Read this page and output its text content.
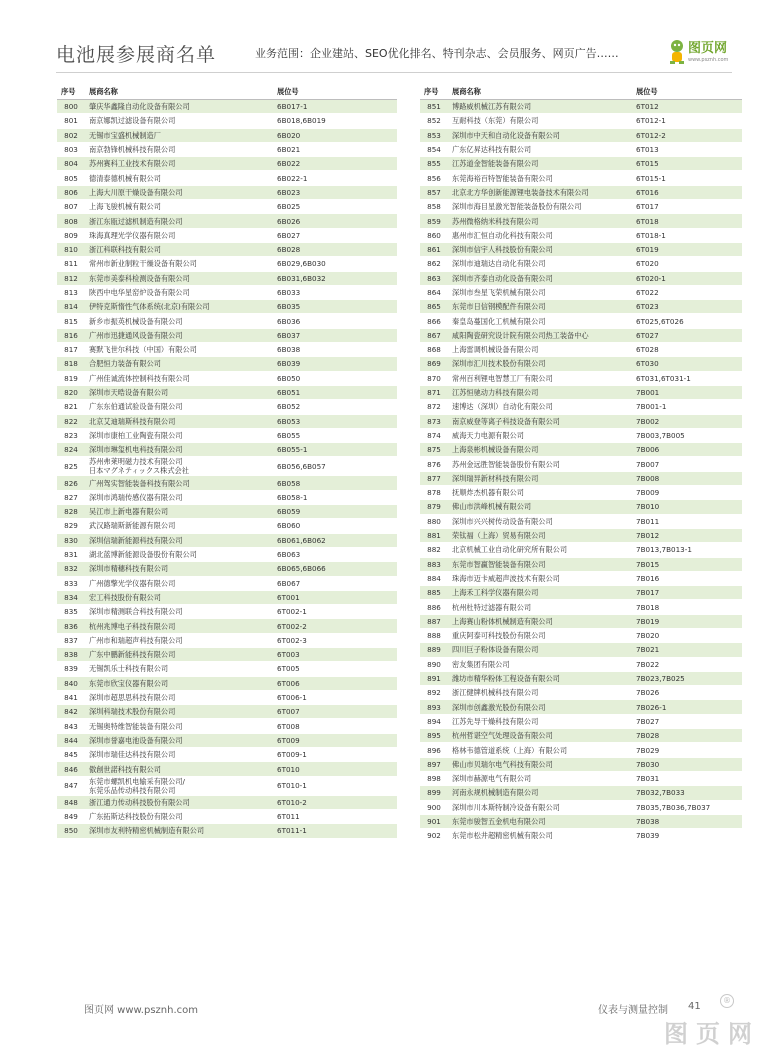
电池展参展商名单	业务范围：企业建站、SEO优化排名、特刊杂志、会员服务、网页广告……	图页网
www.psznh.com
序号	展商名称	展位号
800	肇庆华鑫隆自动化设备有限公司	6B017-1
801	南京娜凯过滤设备有限公司	6B018,6B019
802	无锡市宝盛机械制造厂	6B020
803	南京勃锋机械科技有限公司	6B021
804	苏州赛科工业技术有限公司	6B022
805	德清泰德机械有限公司	6B022-1
806	上海大川原干燥设备有限公司	6B023
807	上海飞骏机械有限公司	6B025
808	浙江东瓯过滤机制造有限公司	6B026
809	珠海真理光学仪器有限公司	6B027
810	浙江科联科技有限公司	6B028
811	常州市新业制粒干燥设备有限公司	6B029,6B030
812	东莞市美泰科检测设备有限公司	6B031,6B032
813	陕西中电华星窑炉设备有限公司	6B033
814	伊特克斯惰性气体系统(北京)有限公司	6B035
815	新乡市振英机械设备有限公司	6B036
816	广州市迅捷通风设备有限公司	6B037
817	赛默飞世尔科技（中国）有限公司	6B038
818	合肥恒力装备有限公司	6B039
819	广州佳诚流体控制科技有限公司	6B050
820	深圳市天晧设备有限公司	6B051
821	广东东伯通试验设备有限公司	6B052
822	北京艾迪瑞斯科技有限公司	6B053
823	深圳市康柏工业陶瓷有限公司	6B055
824	深圳市琳玺机电科技有限公司	6B055-1
825	苏州弗莱明磁力技术有限公司
日本マグネティックス株式会社	6B056,6B057
826	广州驾实智能装备科技有限公司	6B058
827	深圳市鸿瑞传感仪器有限公司	6B058-1
828	吴江市上新电器有限公司	6B059
829	武汉路瑞斯新能源有限公司	6B060
830	深圳信瑞新能源科技有限公司	6B061,6B062
831	湖北蓝博新能源设备股份有限公司	6B063
832	深圳市精穗科技有限公司	6B065,6B066
833	广州德擎光学仪器有限公司	6B067
834	宏工科技股份有限公司	6T001
835	深圳市精测联合科技有限公司	6T002-1
836	杭州兆博电子科技有限公司	6T002-2
837	广州市和瑞超声科技有限公司	6T002-3
838	广东中鹏新能科技有限公司	6T003
839	无锡凯乐士科技有限公司	6T005
840	东莞市欣宝仪器有限公司	6T006
841	深圳市超思思科技有限公司	6T006-1
842	深圳科瑞技术股份有限公司	6T007
843	无锡奥特维智能装备有限公司	6T008
844	深圳市誉嘉电池设备有限公司	6T009
845	深圳市瑞佳达科技有限公司	6T009-1
846	傲創世諾科技有限公司	6T010
847	东莞市螺凯机电输采有限公司/
东莞乐品传动科技有限公司	6T010-1
848	浙江通力传动科技股份有限公司	6T010-2
849	广东拓斯达科技股份有限公司	6T011
850	深圳市友利特精密机械制造有限公司	6T011-1
序号	展商名称	展位号
851	博路威机械江苏有限公司	6T012
852	互耐科技（东莞）有限公司	6T012-1
853	深圳市中天和自动化设备有限公司	6T012-2
854	广东亿昇达科技有限公司	6T013
855	江苏道金智能装备有限公司	6T015
856	东莞海裕百特智能装备有限公司	6T015-1
857	北京北方华创新能源锂电装备技术有限公司	6T016
858	深圳市海目星激光智能装备股份有限公司	6T017
859	苏州微格纳米科技有限公司	6T018
860	惠州市汇恒自动化科技有限公司	6T018-1
861	深圳市信宇人科技股份有限公司	6T019
862	深圳市迪瑞达自动化有限公司	6T020
863	深圳市齐泰自动化设备有限公司	6T020-1
864	深圳市叁星飞荣机械有限公司	6T022
865	东莞市日信钢模配件有限公司	6T023
866	秦皇岛蔓国化工机械有限公司	6T025,6T026
867	咸阳陶瓷研究设计院有限公司热工装备中心	6T027
868	上海雷调机械设备有限公司	6T028
869	深圳市汇川技术股份有限公司	6T030
870	常州百利锂电智慧工厂有限公司	6T031,6T031-1
871	江苏恒驰动力科技有限公司	7B001
872	速博达（深圳）自动化有限公司	7B001-1
873	南京威登等离子科技设备有限公司	7B002
874	威海天力电源有限公司	7B003,7B005
875	上海泉彬机械设备有限公司	7B006
876	苏州金远胜智能装备股份有限公司	7B007
877	深圳瑞异新材科技有限公司	7B008
878	抚顺炸杰机器有限公司	7B009
879	佛山市洪峰机械有限公司	7B010
880	深圳市兴兴树传动设备有限公司	7B011
881	荣钛福（上海）贸易有限公司	7B012
882	北京机械工业自动化研究所有限公司	7B013,7B013-1
883	东莞市智赢智能装备有限公司	7B015
884	珠海市迈卡威超声波技术有限公司	7B016
885	上海禾工科学仪器有限公司	7B017
886	杭州杜特过滤器有限公司	7B018
887	上海赛山粉体机械制造有限公司	7B019
888	重庆阿泰可科技股份有限公司	7B020
889	四川巨子粉体设备有限公司	7B021
890	密友集团有限公司	7B022
891	潍坊市精华粉体工程设备有限公司	7B023,7B025
892	浙江健牌机械科技有限公司	7B026
893	深圳市创鑫激光股份有限公司	7B026-1
894	江苏先导干燥科技有限公司	7B027
895	杭州哲谌空气处理设备有限公司	7B028
896	格林韦德管道系统（上海）有限公司	7B029
897	佛山市贝瑞尔电气科技有限公司	7B030
898	深圳市赫源电气有限公司	7B031
899	河南永规机械制造有限公司	7B032,7B033
900	深圳市川本斯特制冷设备有限公司	7B035,7B036,7B037
901	东莞市骏智五金机电有限公司	7B038
902	东莞市松井超精密机械有限公司	7B039
图页网 www.psznh.com	仪表与测量控制 41
®
图页网
